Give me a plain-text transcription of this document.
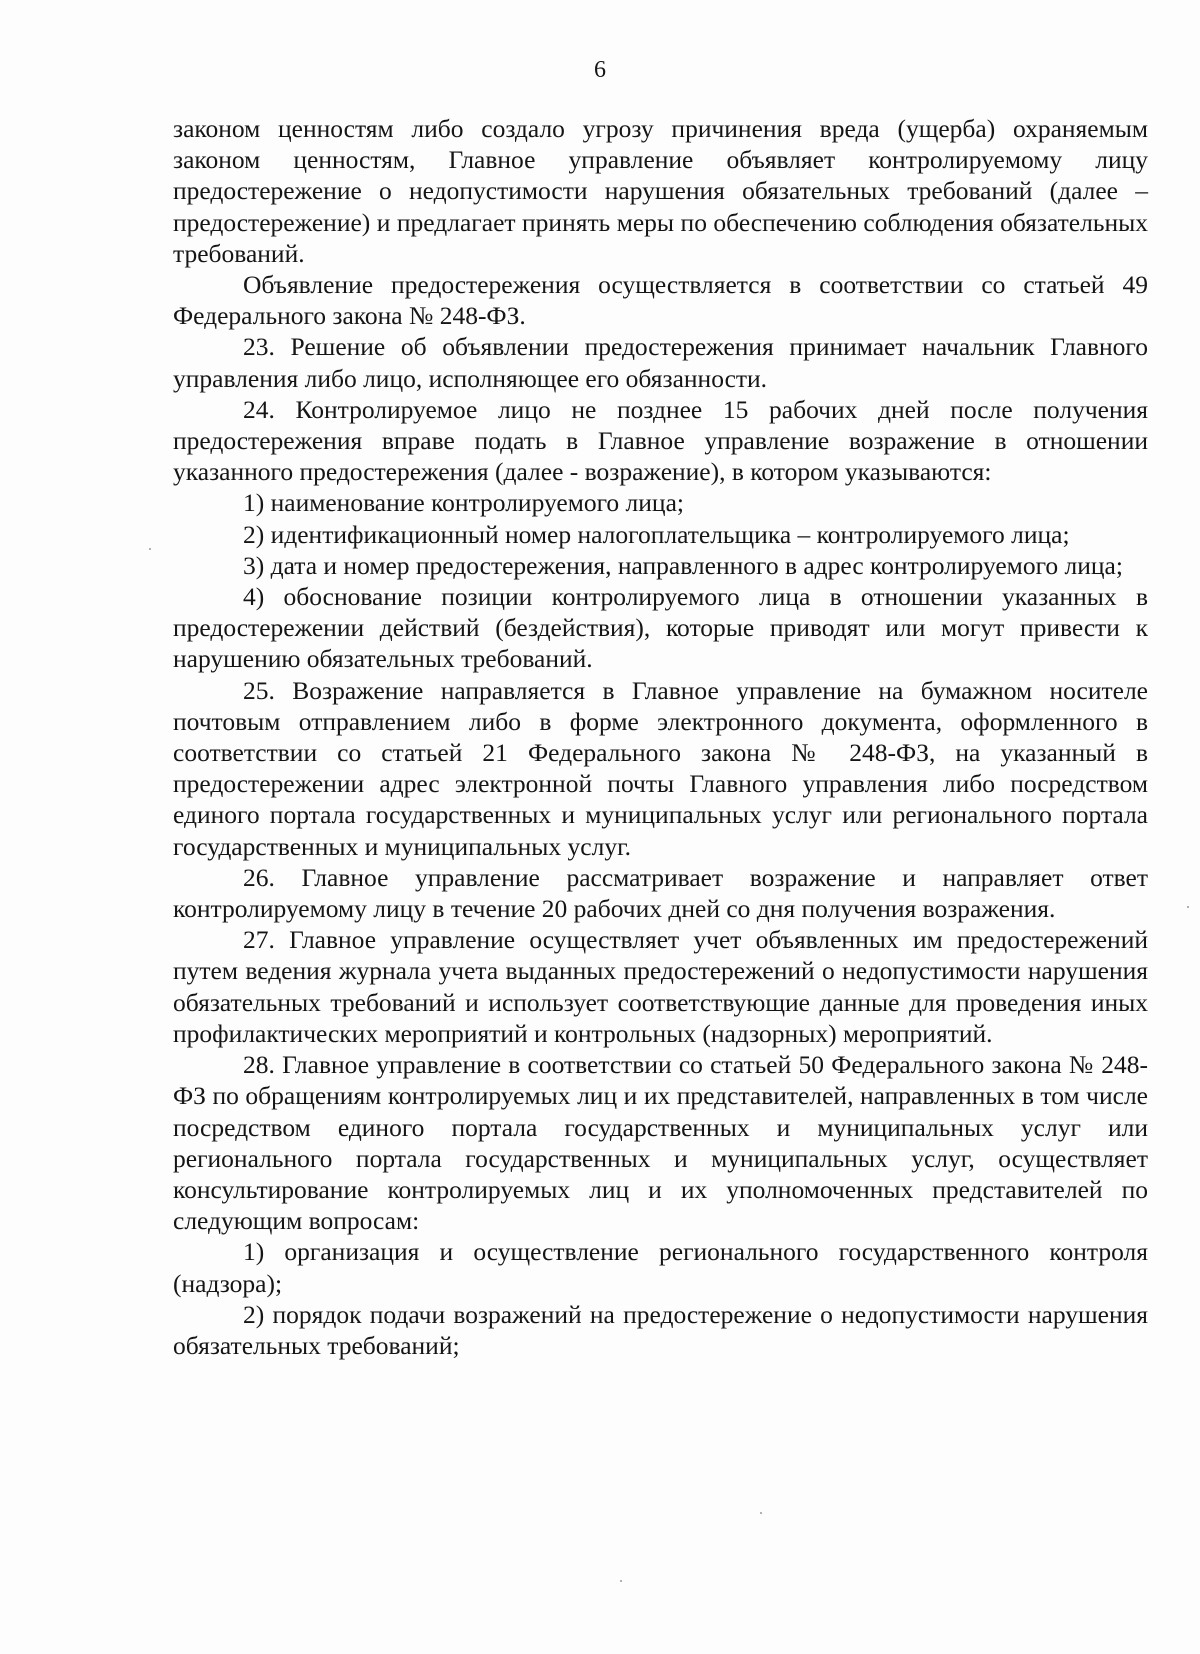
6

законом ценностям либо создало угрозу причинения вреда (ущерба) охраняемым законом ценностям, Главное управление объявляет контролируемому лицу предостережение о недопустимости нарушения обязательных требований (далее – предостережение) и предлагает принять меры по обеспечению соблюдения обязательных требований.

Объявление предостережения осуществляется в соответствии со статьей 49 Федерального закона № 248-ФЗ.

23. Решение об объявлении предостережения принимает начальник Главного управления либо лицо, исполняющее его обязанности.

24. Контролируемое лицо не позднее 15 рабочих дней после получения предостережения вправе подать в Главное управление возражение в отношении указанного предостережения (далее - возражение), в котором указываются:

1) наименование контролируемого лица;

2) идентификационный номер налогоплательщика – контролируемого лица;

3) дата и номер предостережения, направленного в адрес контролируемого лица;

4) обоснование позиции контролируемого лица в отношении указанных в предостережении действий (бездействия), которые приводят или могут привести к нарушению обязательных требований.

25. Возражение направляется в Главное управление на бумажном носителе почтовым отправлением либо в форме электронного документа, оформленного в соответствии со статьей 21 Федерального закона № 248-ФЗ, на указанный в предостережении адрес электронной почты Главного управления либо посредством единого портала государственных и муниципальных услуг или регионального портала государственных и муниципальных услуг.

26. Главное управление рассматривает возражение и направляет ответ контролируемому лицу в течение 20 рабочих дней со дня получения возражения.

27. Главное управление осуществляет учет объявленных им предостережений путем ведения журнала учета выданных предостережений о недопустимости нарушения обязательных требований и использует соответствующие данные для проведения иных профилактических мероприятий и контрольных (надзорных) мероприятий.

28. Главное управление в соответствии со статьей 50 Федерального закона № 248-ФЗ по обращениям контролируемых лиц и их представителей, направленных в том числе посредством единого портала государственных и муниципальных услуг или регионального портала государственных и муниципальных услуг, осуществляет консультирование контролируемых лиц и их уполномоченных представителей по следующим вопросам:

1) организация и осуществление регионального государственного контроля (надзора);

2) порядок подачи возражений на предостережение о недопустимости нарушения обязательных требований;
